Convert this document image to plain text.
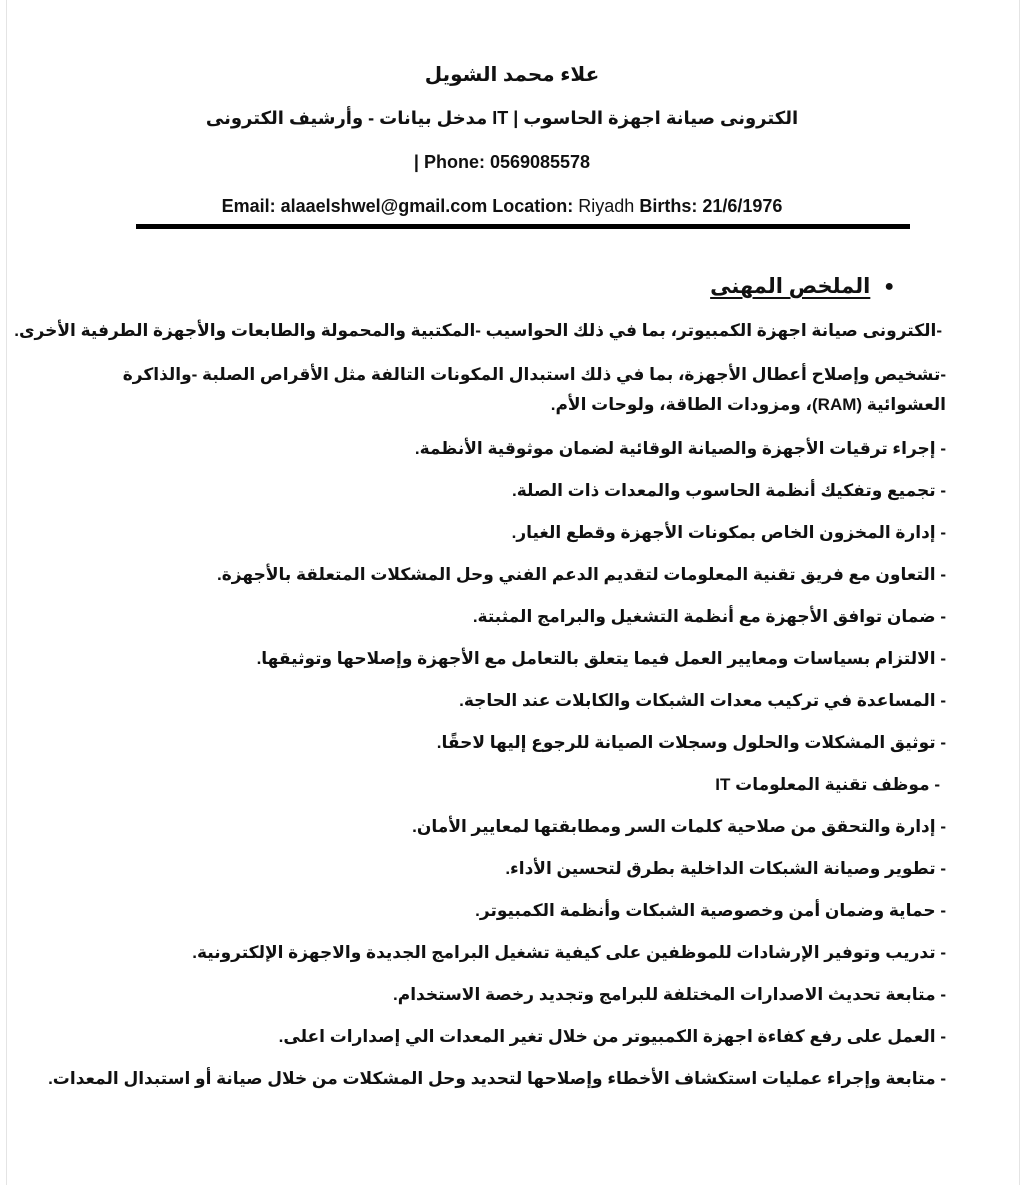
علاء محمد الشويل
الكترونى صيانة اجهزة الحاسوب | IT مدخل بيانات - وأرشيف الكترونى
| Phone: 0569085578
Email: alaaelshwel@gmail.com Location: Riyadh Births: 21/6/1976
●
الملخص المهنى
-الكترونى صيانة اجهزة الكمبيوتر، بما في ذلك الحواسيب -المكتبية والمحمولة والطابعات والأجهزة الطرفية الأخرى.
-تشخيص وإصلاح أعطال الأجهزة، بما في ذلك استبدال المكونات التالفة مثل الأقراص الصلبة -والذاكرة العشوائية (RAM)، ومزودات الطاقة، ولوحات الأم.
- إجراء ترقيات الأجهزة والصيانة الوقائية لضمان موثوقية الأنظمة.
- تجميع وتفكيك أنظمة الحاسوب والمعدات ذات الصلة.
- إدارة المخزون الخاص بمكونات الأجهزة وقطع الغيار.
- التعاون مع فريق تقنية المعلومات لتقديم الدعم الفني وحل المشكلات المتعلقة بالأجهزة.
- ضمان توافق الأجهزة مع أنظمة التشغيل والبرامج المثبتة.
- الالتزام بسياسات ومعايير العمل فيما يتعلق بالتعامل مع الأجهزة وإصلاحها وتوثيقها.
- المساعدة في تركيب معدات الشبكات والكابلات عند الحاجة.
- توثيق المشكلات والحلول وسجلات الصيانة للرجوع إليها لاحقًا.
- موظف تقنية المعلومات IT
- إدارة والتحقق من صلاحية كلمات السر ومطابقتها لمعايير الأمان.
- تطوير وصيانة الشبكات الداخلية بطرق لتحسين الأداء.
- حماية وضمان أمن وخصوصية الشبكات وأنظمة الكمبيوتر.
- تدريب وتوفير الإرشادات للموظفين على كيفية تشغيل البرامج الجديدة والاجهزة الإلكترونية.
- متابعة تحديث الاصدارات المختلفة للبرامج وتجديد رخصة الاستخدام.
- العمل على رفع كفاءة اجهزة الكمبيوتر من خلال تغير المعدات الي إصدارات اعلى.
- متابعة وإجراء عمليات استكشاف الأخطاء وإصلاحها لتحديد وحل المشكلات من خلال صيانة أو استبدال المعدات.
